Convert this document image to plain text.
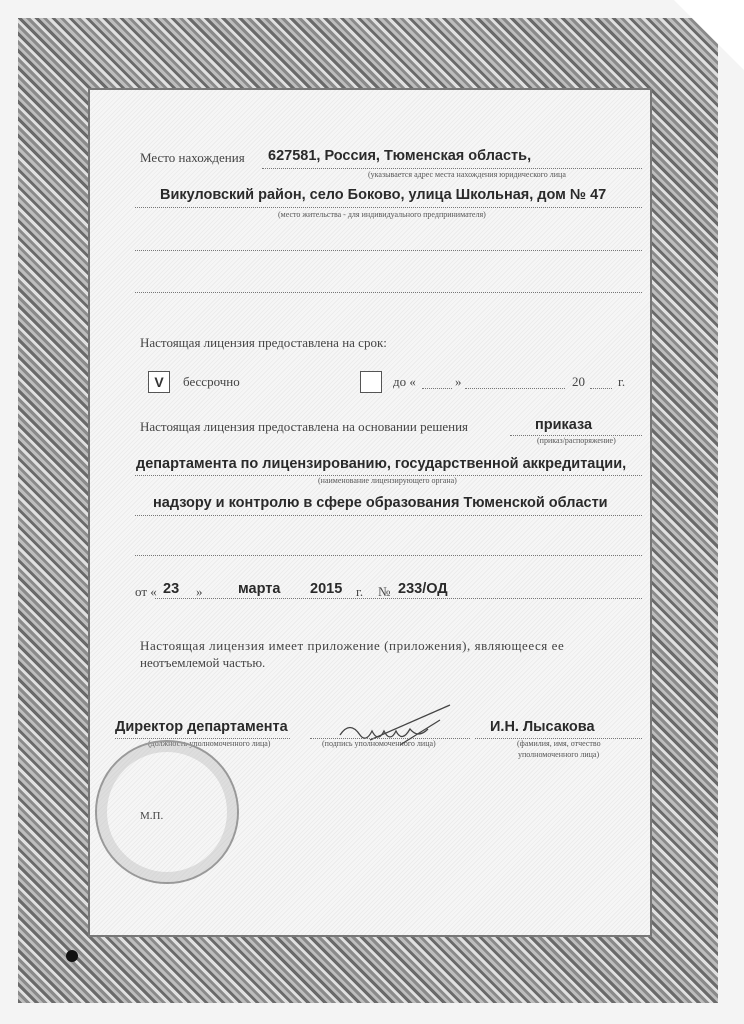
Место нахождения 627581, Россия, Тюменская область,
(указывается адрес места нахождения юридического лица
Викуловский район, село Боково, улица Школьная, дом № 47
(место жительства - для индивидуального предпринимателя)
Настоящая лицензия предоставлена на срок:
V	бессрочно	до «	»	20	г.
Настоящая лицензия предоставлена на основании решения	приказа
(приказ/распоряжение)
департамента по лицензированию, государственной аккредитации,
(наименование лицензирующего органа)
надзору и контролю в сфере образования Тюменской области
от « 23 » марта 2015 г. № 233/ОД
Настоящая лицензия имеет приложение (приложения), являющееся ее
неотъемлемой частью.
Директор департамента
(должность уполномоченного лица)	(подпись уполномоченного лица)
И.Н. Лысакова
(фамилия, имя, отчество
уполномоченного лица)
М.П.
